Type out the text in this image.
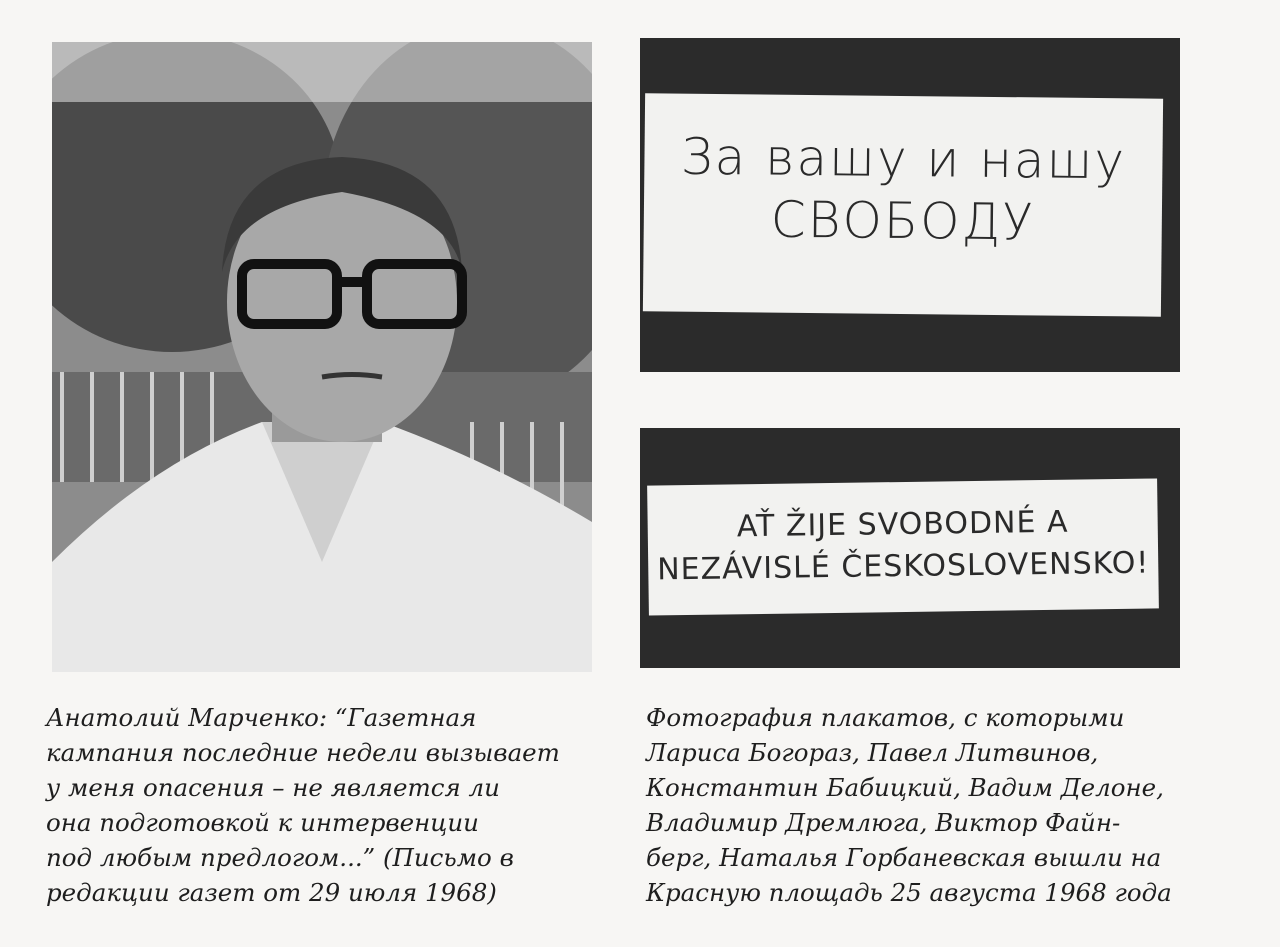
За вашу и нашу
СВОБОДУ
AŤ ŽIJE SVOBODNÉ A
NEZÁVISLÉ ČESKOSLOVENSKO!
Анатолий Марченко: “Газетная
кампания последние недели вызывает
у меня опасения – не является ли
она подготовкой к интервенции
под любым предлогом...” (Письмо в
редакции газет от 29 июля 1968)
Фотография плакатов, с которыми
Лариса Богораз, Павел Литвинов,
Константин Бабицкий, Вадим Делоне,
Владимир Дремлюга, Виктор Файн-
берг, Наталья Горбаневская вышли на
Красную площадь 25 августа 1968 года
